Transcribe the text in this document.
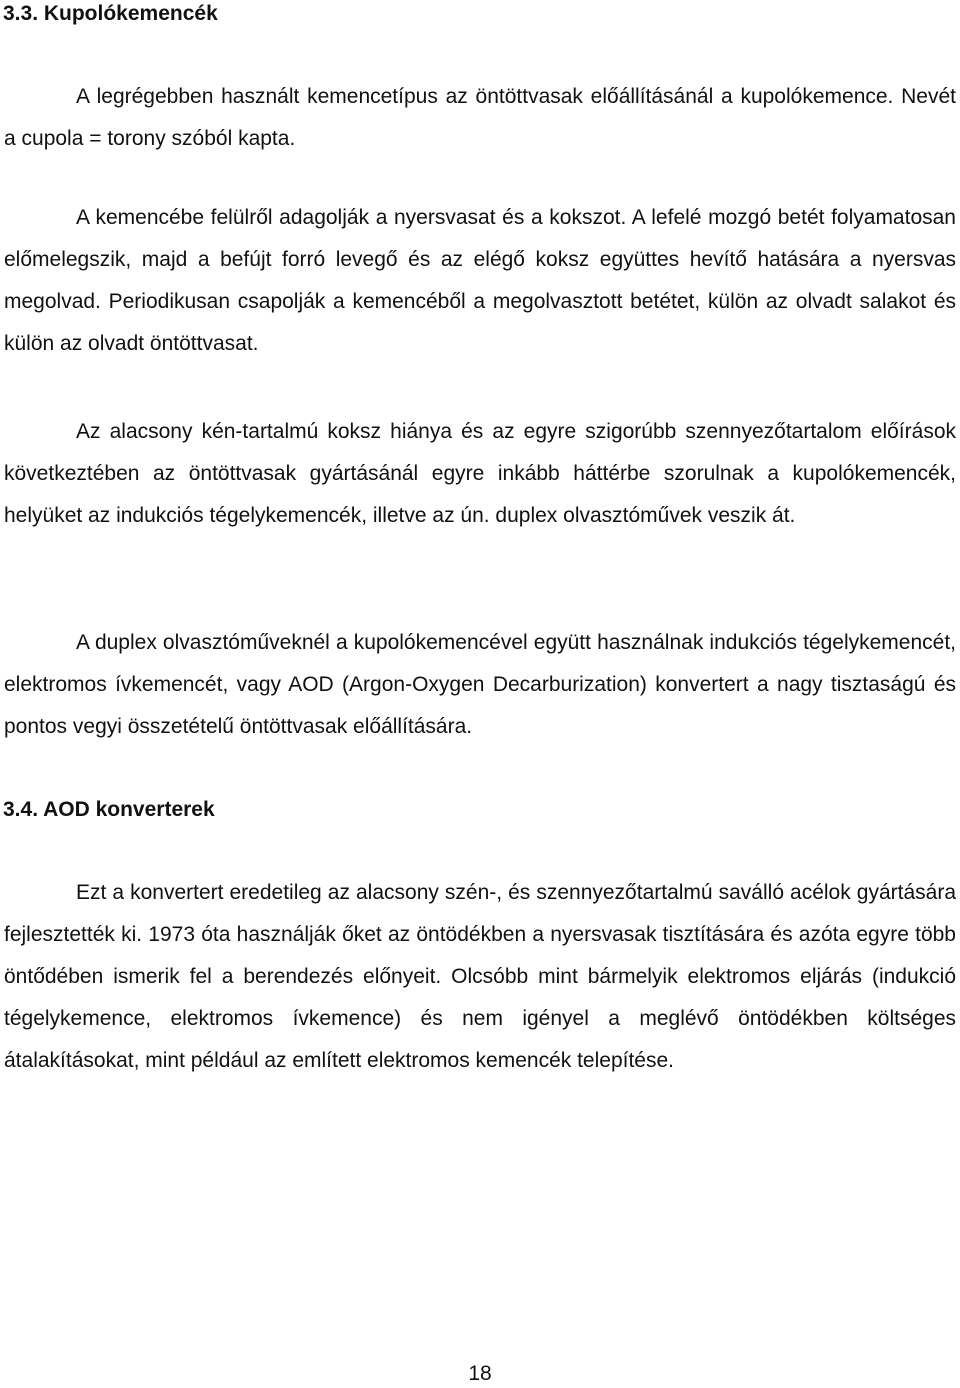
3.3. Kupolókemencék

A legrégebben használt kemencetípus az öntöttvasak előállításánál a kupolókemence. Nevét a cupola = torony szóból kapta.

A kemencébe felülről adagolják a nyersvasat és a kokszot. A lefelé mozgó betét folyamatosan előmelegszik, majd a befújt forró levegő és az elégő koksz együttes hevítő hatására a nyersvas megolvad. Periodikusan csapolják a kemencéből a megolvasztott betétet, külön az olvadt salakot és külön az olvadt öntöttvasat.

Az alacsony kén-tartalmú koksz hiánya és az egyre szigorúbb szennyezőtartalom előírások következtében az öntöttvasak gyártásánál egyre inkább háttérbe szorulnak a kupolókemencék, helyüket az indukciós tégelykemencék, illetve az ún. duplex olvasztóművek veszik át.

A duplex olvasztóműveknél a kupolókemencével együtt használnak indukciós tégelykemencét, elektromos ívkemencét, vagy AOD (Argon-Oxygen Decarburization) konvertert a nagy tisztaságú és pontos vegyi összetételű öntöttvasak előállítására.

3.4. AOD konverterek

Ezt a konvertert eredetileg az alacsony szén-, és szennyezőtartalmú saválló acélok gyártására fejlesztették ki. 1973 óta használják őket az öntödékben a nyersvasak tisztítására és azóta egyre több öntődében ismerik fel a berendezés előnyeit. Olcsóbb mint bármelyik elektromos eljárás (indukció tégelykemence, elektromos ívkemence) és nem igényel a meglévő öntödékben költséges átalakításokat, mint például az említett elektromos kemencék telepítése.

18
